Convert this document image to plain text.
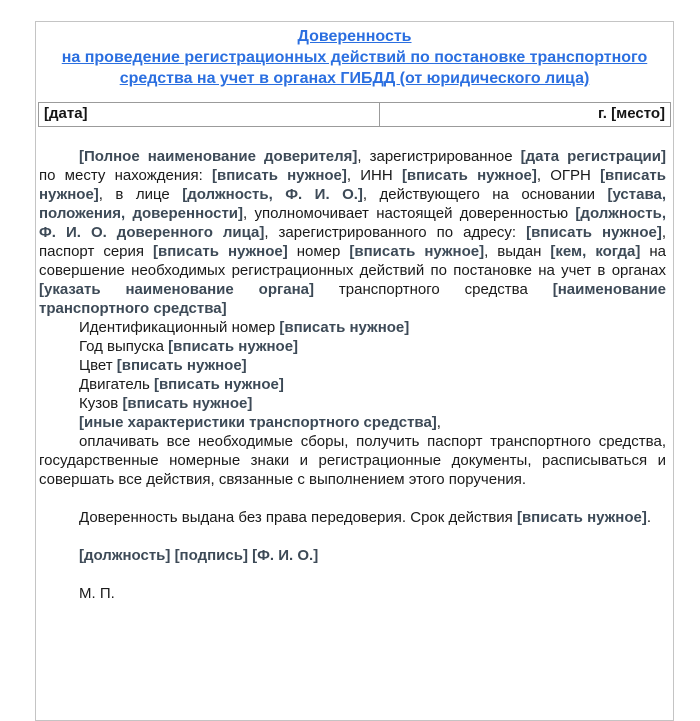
Доверенность
на проведение регистрационных действий по постановке транспортного средства на учет в органах ГИБДД (от юридического лица)
[дата]	г. [место]
[Полное наименование доверителя], зарегистрированное [дата регистрации] по месту нахождения: [вписать нужное], ИНН [вписать нужное], ОГРН [вписать нужное], в лице [должность, Ф. И. О.], действующего на основании [устава, положения, доверенности], уполномочивает настоящей доверенностью [должность, Ф. И. О. доверенного лица], зарегистрированного по адресу: [вписать нужное], паспорт серия [вписать нужное] номер [вписать нужное], выдан [кем, когда] на совершение необходимых регистрационных действий по постановке на учет в органах [указать наименование органа] транспортного средства [наименование транспортного средства]
Идентификационный номер [вписать нужное]
Год выпуска [вписать нужное]
Цвет [вписать нужное]
Двигатель [вписать нужное]
Кузов [вписать нужное]
[иные характеристики транспортного средства],
оплачивать все необходимые сборы, получить паспорт транспортного средства, государственные номерные знаки и регистрационные документы, расписываться и совершать все действия, связанные с выполнением этого поручения.
Доверенность выдана без права передоверия. Срок действия [вписать нужное].
[должность] [подпись] [Ф. И. О.]
М. П.
